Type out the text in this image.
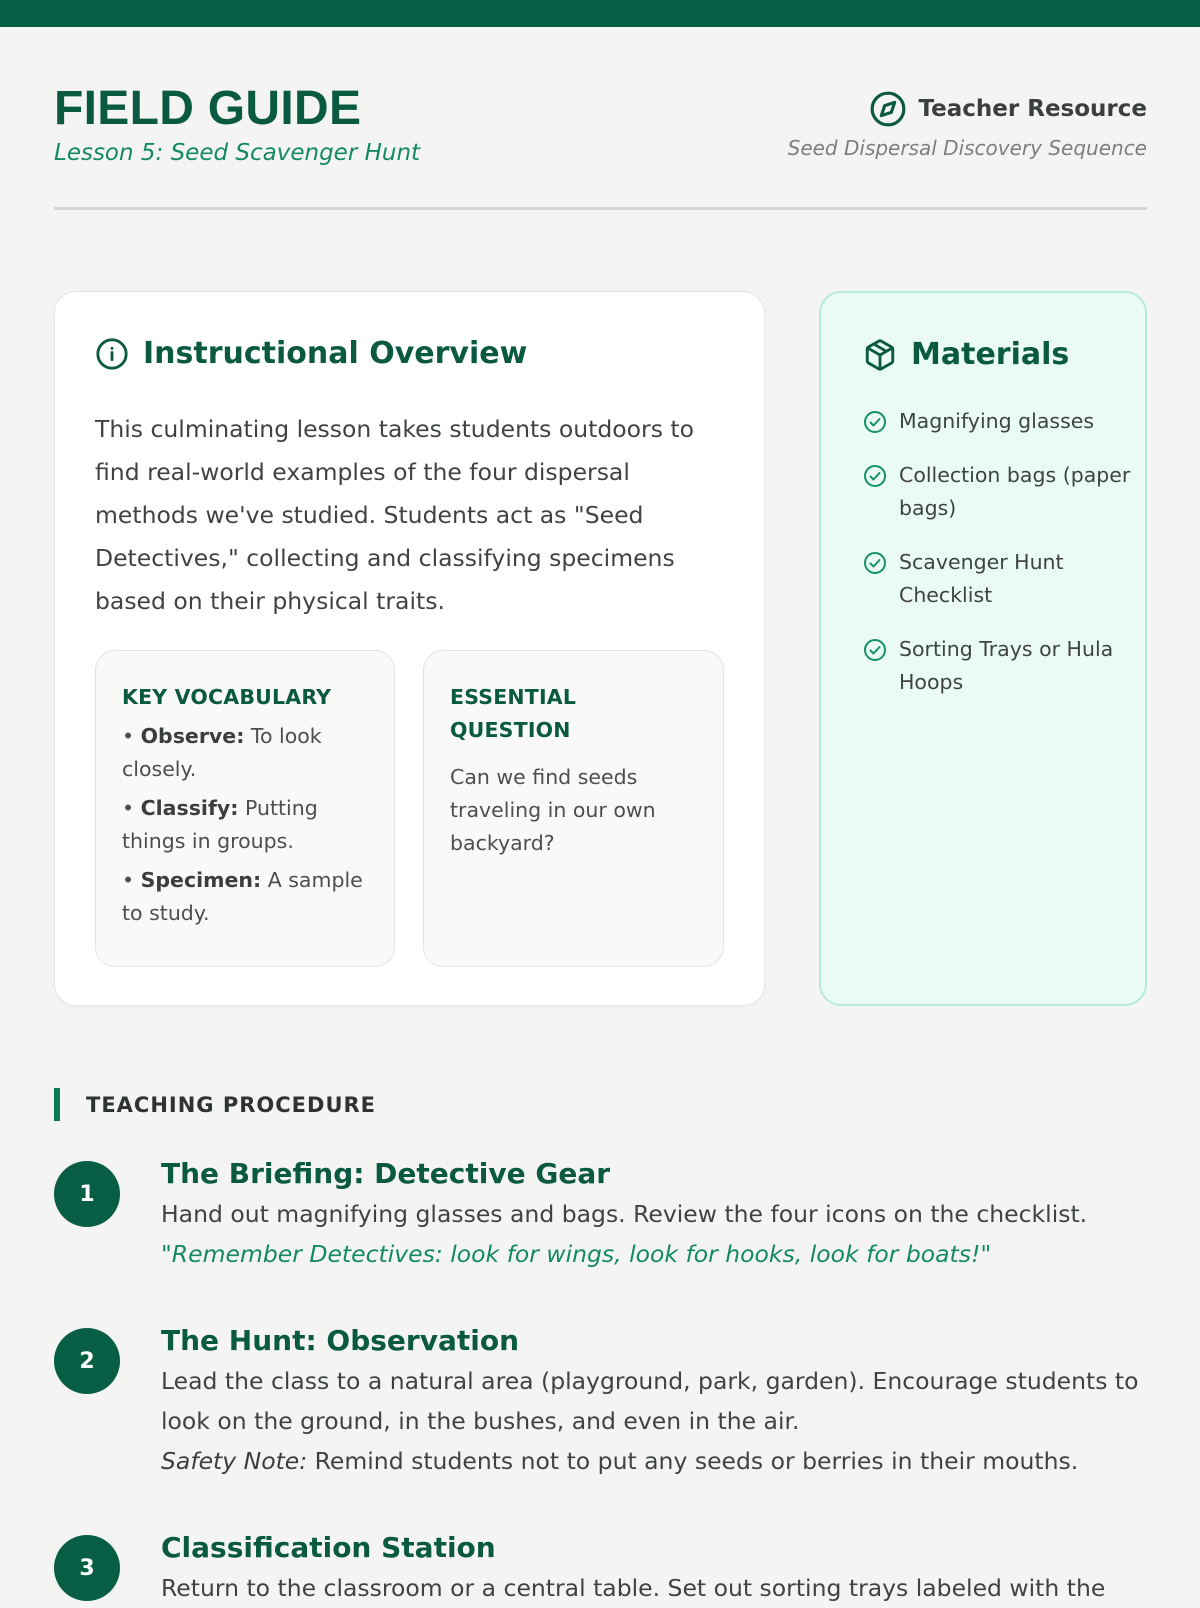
FIELD GUIDE
Lesson 5: Seed Scavenger Hunt
Teacher Resource
Seed Dispersal Discovery Sequence
Instructional Overview

This culminating lesson takes students outdoors to find real-world examples of the four dispersal methods we've studied. Students act as "Seed Detectives," collecting and classifying specimens based on their physical traits.

KEY VOCABULARY
• Observe: To look closely.
• Classify: Putting things in groups.
• Specimen: A sample to study.
ESSENTIAL QUESTION
Can we find seeds traveling in our own backyard?
Materials
Magnifying glasses
Collection bags (paper bags)
Scavenger Hunt Checklist
Sorting Trays or Hula Hoops
TEACHING PROCEDURE
1
The Briefing: Detective Gear

Hand out magnifying glasses and bags. Review the four icons on the checklist.

"Remember Detectives: look for wings, look for hooks, look for boats!"

2
The Hunt: Observation

Lead the class to a natural area (playground, park, garden). Encourage students to look on the ground, in the bushes, and even in the air.

Safety Note: Remind students not to put any seeds or berries in their mouths.

3
Classification Station

Return to the classroom or a central table. Set out sorting trays labeled with the
